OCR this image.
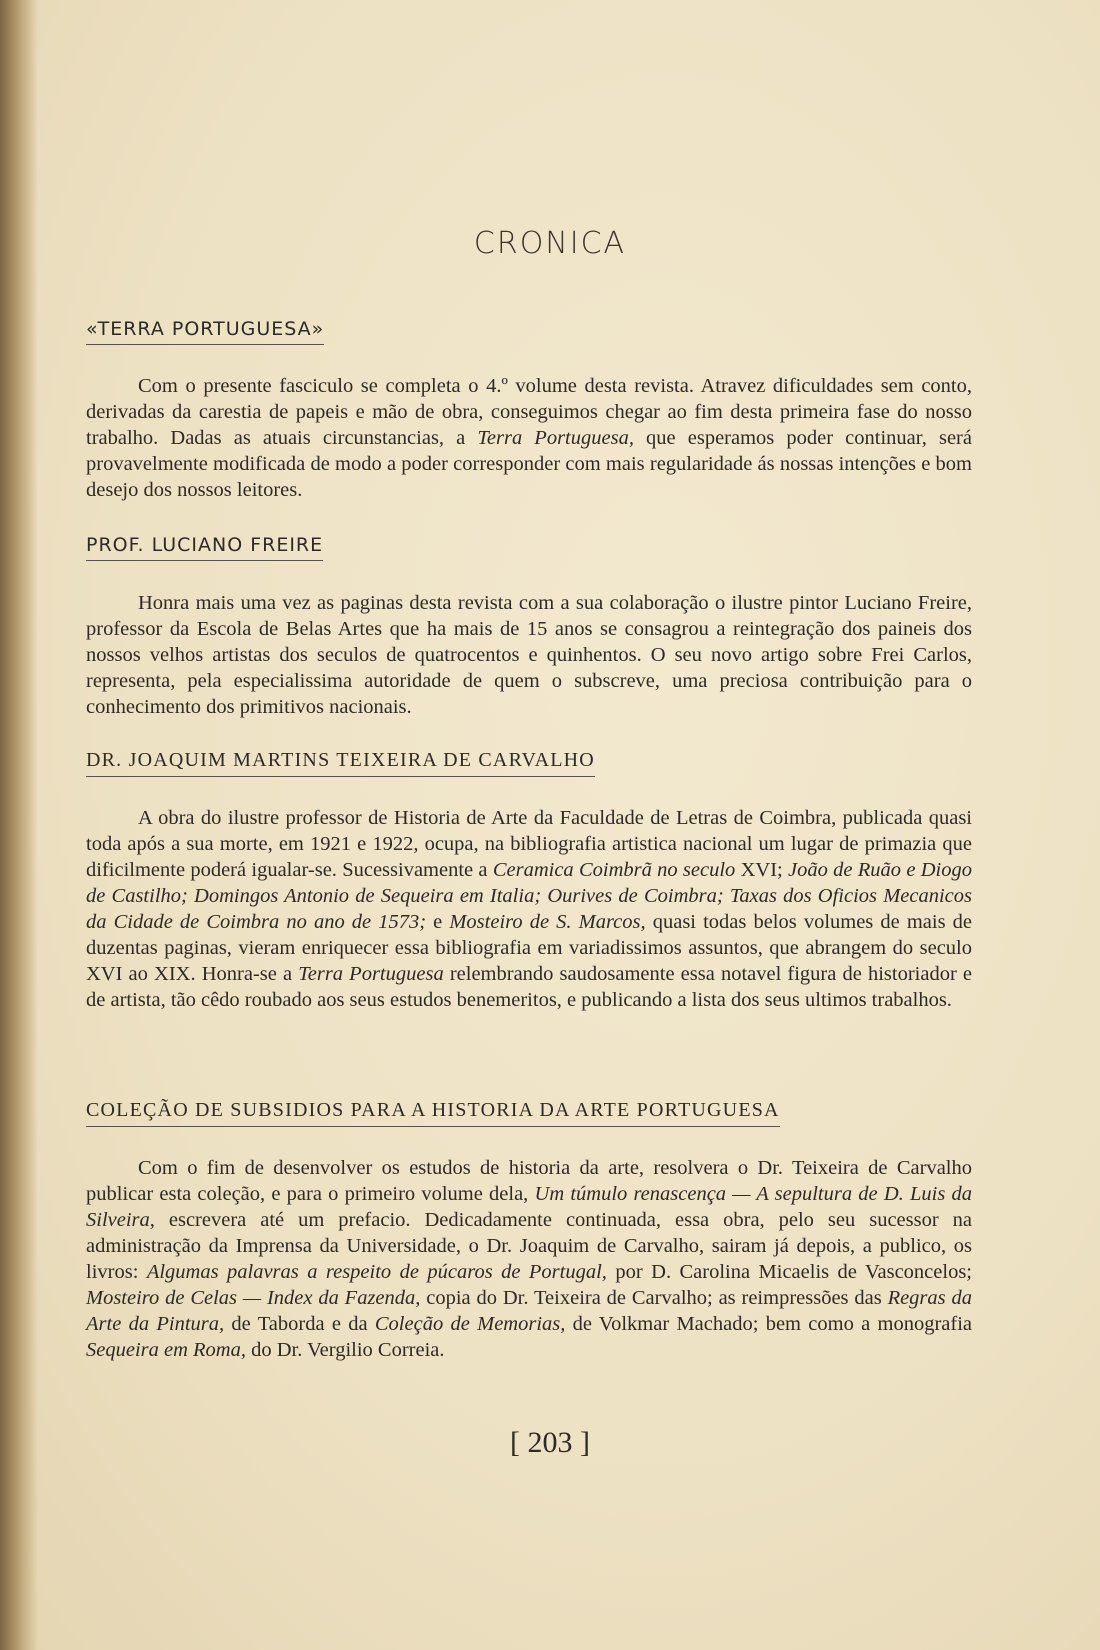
CRONICA
«TERRA PORTUGUESA»
Com o presente fasciculo se completa o 4.º volume desta revista. Atravez dificuldades sem conto, derivadas da carestia de papeis e mão de obra, conseguimos chegar ao fim desta primeira fase do nosso trabalho. Dadas as atuais circunstancias, a Terra Portuguesa, que esperamos poder continuar, será provavelmente modificada de modo a poder corresponder com mais regularidade ás nossas intenções e bom desejo dos nossos leitores.
PROF. LUCIANO FREIRE
Honra mais uma vez as paginas desta revista com a sua colaboração o ilustre pintor Luciano Freire, professor da Escola de Belas Artes que ha mais de 15 anos se consagrou a reintegração dos paineis dos nossos velhos artistas dos seculos de quatrocentos e quinhentos. O seu novo artigo sobre Frei Carlos, representa, pela especialissima autoridade de quem o subscreve, uma preciosa contribuição para o conhecimento dos primitivos nacionais.
DR. JOAQUIM MARTINS TEIXEIRA DE CARVALHO
A obra do ilustre professor de Historia de Arte da Faculdade de Letras de Coimbra, publicada quasi toda após a sua morte, em 1921 e 1922, ocupa, na bibliografia artistica nacional um lugar de primazia que dificilmente poderá igualar-se. Sucessivamente a Ceramica Coimbrã no seculo XVI; João de Ruão e Diogo de Castilho; Domingos Antonio de Sequeira em Italia; Ourives de Coimbra; Taxas dos Oficios Mecanicos da Cidade de Coimbra no ano de 1573; e Mosteiro de S. Marcos, quasi todas belos volumes de mais de duzentas paginas, vieram enriquecer essa bibliografia em variadissimos assuntos, que abrangem do seculo XVI ao XIX. Honra-se a Terra Portuguesa relembrando saudosamente essa notavel figura de historiador e de artista, tão cêdo roubado aos seus estudos benemeritos, e publicando a lista dos seus ultimos trabalhos.
COLEÇÃO DE SUBSIDIOS PARA A HISTORIA DA ARTE PORTUGUESA
Com o fim de desenvolver os estudos de historia da arte, resolvera o Dr. Teixeira de Carvalho publicar esta coleção, e para o primeiro volume dela, Um túmulo renascença — A sepultura de D. Luis da Silveira, escrevera até um prefacio. Dedicadamente continuada, essa obra, pelo seu sucessor na administração da Imprensa da Universidade, o Dr. Joaquim de Carvalho, sairam já depois, a publico, os livros: Algumas palavras a respeito de púcaros de Portugal, por D. Carolina Micaelis de Vasconcelos; Mosteiro de Celas — Index da Fazenda, copia do Dr. Teixeira de Carvalho; as reimpressões das Regras da Arte da Pintura, de Taborda e da Coleção de Memorias, de Volkmar Machado; bem como a monografia Sequeira em Roma, do Dr. Vergilio Correia.
[ 203 ]
